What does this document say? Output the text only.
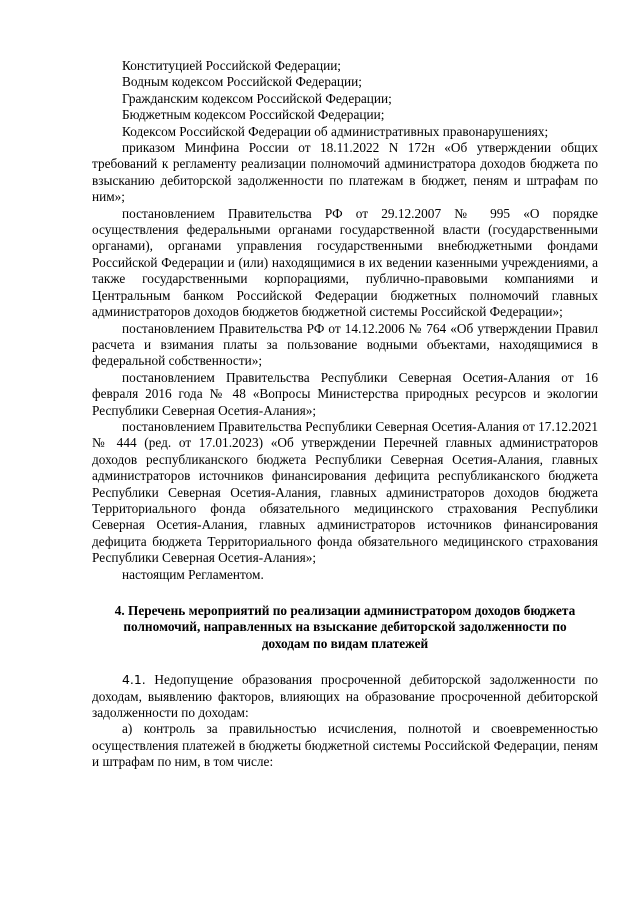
Конституцией Российской Федерации;

Водным кодексом Российской Федерации;

Гражданским кодексом Российской Федерации;

Бюджетным кодексом Российской Федерации;

Кодексом Российской Федерации об административных правонарушениях;

приказом Минфина России от 18.11.2022 N 172н «Об утверждении общих требований к регламенту реализации полномочий администратора доходов бюджета по взысканию дебиторской задолженности по платежам в бюджет, пеням и штрафам по ним»;

постановлением Правительства РФ от 29.12.2007 № 995 «О порядке осуществления федеральными органами государственной власти (государственными органами), органами управления государственными внебюджетными фондами Российской Федерации и (или) находящимися в их ведении казенными учреждениями, а также государственными корпорациями, публично-правовыми компаниями и Центральным банком Российской Федерации бюджетных полномочий главных администраторов доходов бюджетов бюджетной системы Российской Федерации»;

постановлением Правительства РФ от 14.12.2006 № 764 «Об утверждении Правил расчета и взимания платы за пользование водными объектами, находящимися в федеральной собственности»;

постановлением Правительства Республики Северная Осетия-Алания от 16 февраля 2016 года № 48 «Вопросы Министерства природных ресурсов и экологии Республики Северная Осетия-Алания»;

постановлением Правительства Республики Северная Осетия-Алания от 17.12.2021 № 444 (ред. от 17.01.2023) «Об утверждении Перечней главных администраторов доходов республиканского бюджета Республики Северная Осетия-Алания, главных администраторов источников финансирования дефицита республиканского бюджета Республики Северная Осетия-Алания, главных администраторов доходов бюджета Территориального фонда обязательного медицинского страхования Республики Северная Осетия-Алания, главных администраторов источников финансирования дефицита бюджета Территориального фонда обязательного медицинского страхования Республики Северная Осетия-Алания»;

настоящим Регламентом.

4. Перечень мероприятий по реализации администратором доходов бюджета полномочий, направленных на взыскание дебиторской задолженности по доходам по видам платежей

4.1. Недопущение образования просроченной дебиторской задолженности по доходам, выявлению факторов, влияющих на образование просроченной дебиторской задолженности по доходам:

а) контроль за правильностью исчисления, полнотой и своевременностью осуществления платежей в бюджеты бюджетной системы Российской Федерации, пеням и штрафам по ним, в том числе:
